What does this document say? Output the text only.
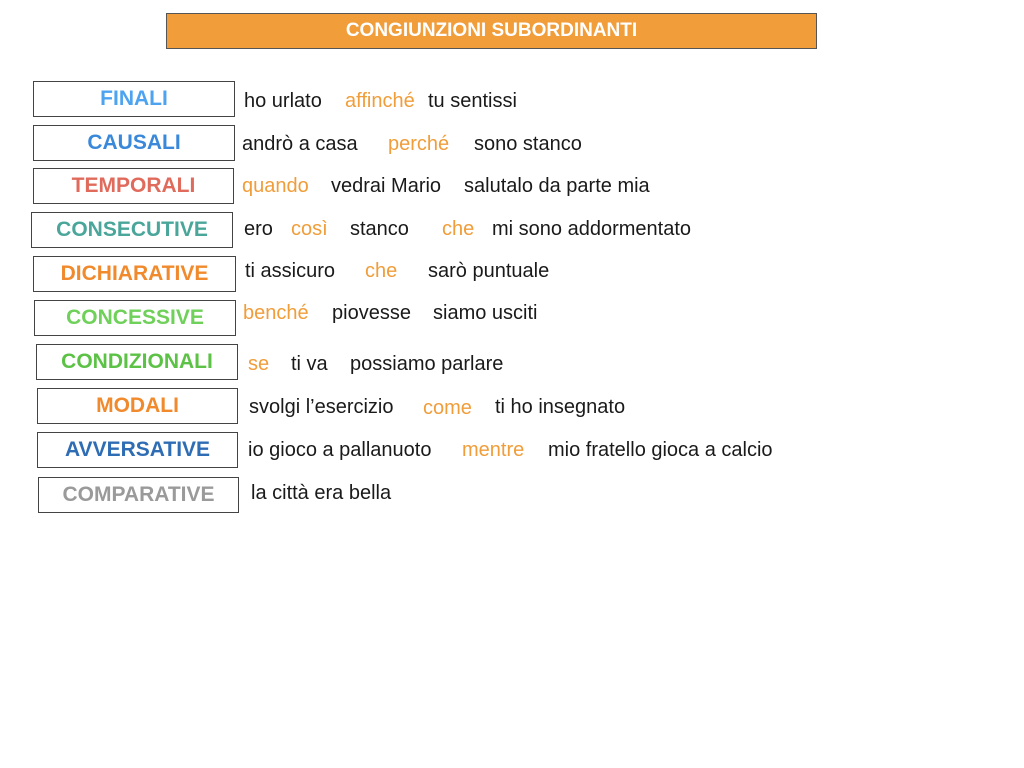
CONGIUNZIONI SUBORDINANTI
FINALI	ho urlato affinché tu sentissi
CAUSALI	andrò a casa perché sono stanco
TEMPORALI	quando vedrai Mario salutalo da parte mia
CONSECUTIVE	ero così stanco che mi sono addormentato
DICHIARATIVE	ti assicuro che sarò puntuale
CONCESSIVE	benché piovesse siamo usciti
CONDIZIONALI	se ti va possiamo parlare
MODALI	svolgi l’esercizio come ti ho insegnato
AVVERSATIVE	io gioco a pallanuoto mentre mio fratello gioca a calcio
COMPARATIVE	la città era bella
